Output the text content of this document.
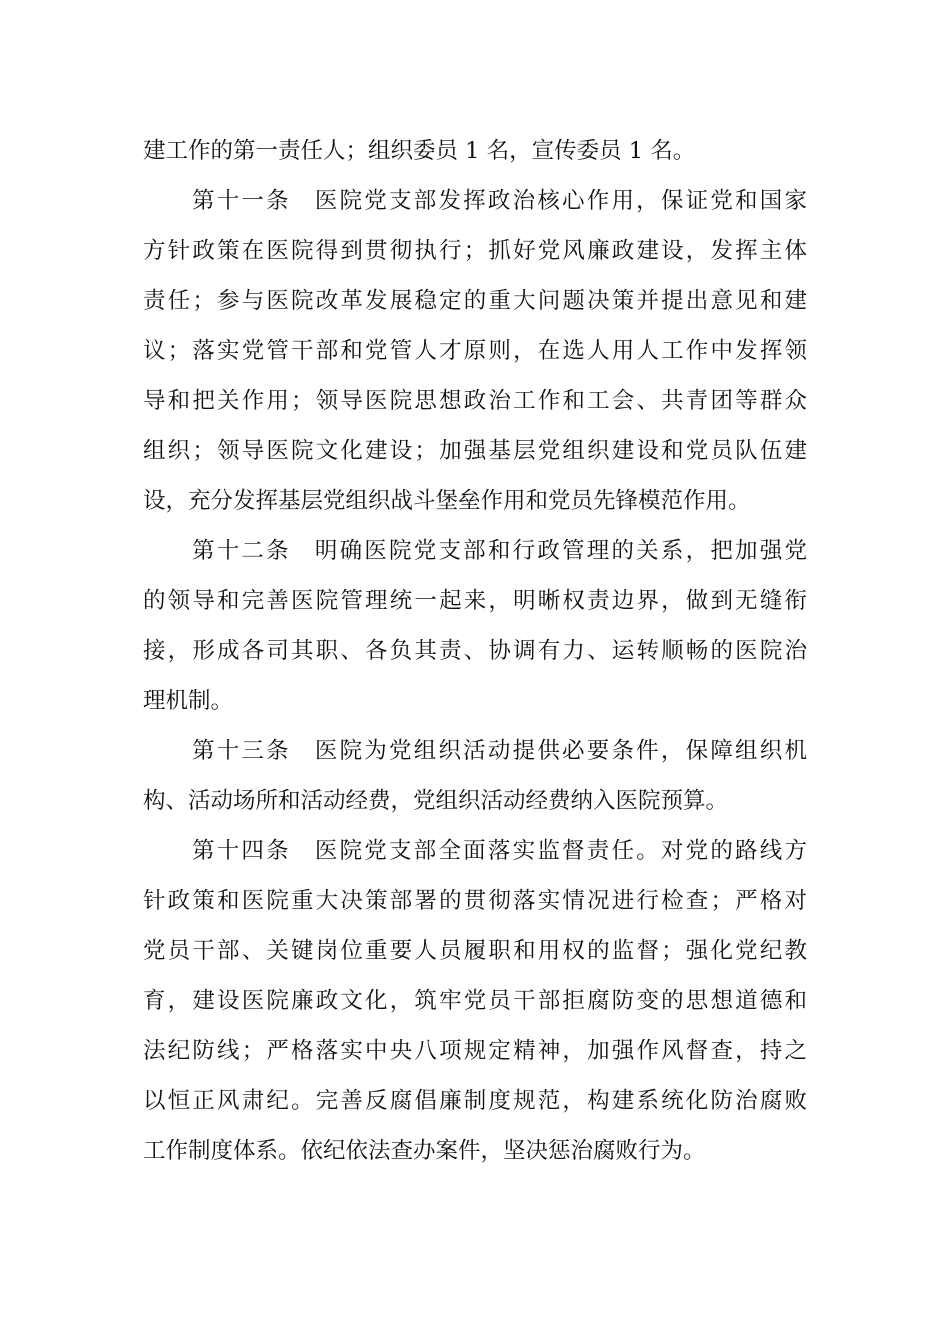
建工作的第一责任人；组织委员 1 名，宣传委员 1 名。
第十一条 医院党支部发挥政治核心作用，保证党和国家
方针政策在医院得到贯彻执行；抓好党风廉政建设，发挥主体
责任；参与医院改革发展稳定的重大问题决策并提出意见和建
议；落实党管干部和党管人才原则，在选人用人工作中发挥领
导和把关作用；领导医院思想政治工作和工会、共青团等群众
组织；领导医院文化建设；加强基层党组织建设和党员队伍建
设，充分发挥基层党组织战斗堡垒作用和党员先锋模范作用。
第十二条 明确医院党支部和行政管理的关系，把加强党
的领导和完善医院管理统一起来，明晰权责边界，做到无缝衔
接，形成各司其职、各负其责、协调有力、运转顺畅的医院治
理机制。
第十三条 医院为党组织活动提供必要条件，保障组织机
构、活动场所和活动经费，党组织活动经费纳入医院预算。
第十四条 医院党支部全面落实监督责任。对党的路线方
针政策和医院重大决策部署的贯彻落实情况进行检查；严格对
党员干部、关键岗位重要人员履职和用权的监督；强化党纪教
育，建设医院廉政文化，筑牢党员干部拒腐防变的思想道德和
法纪防线；严格落实中央八项规定精神，加强作风督查，持之
以恒正风肃纪。完善反腐倡廉制度规范，构建系统化防治腐败
工作制度体系。依纪依法查办案件，坚决惩治腐败行为。
